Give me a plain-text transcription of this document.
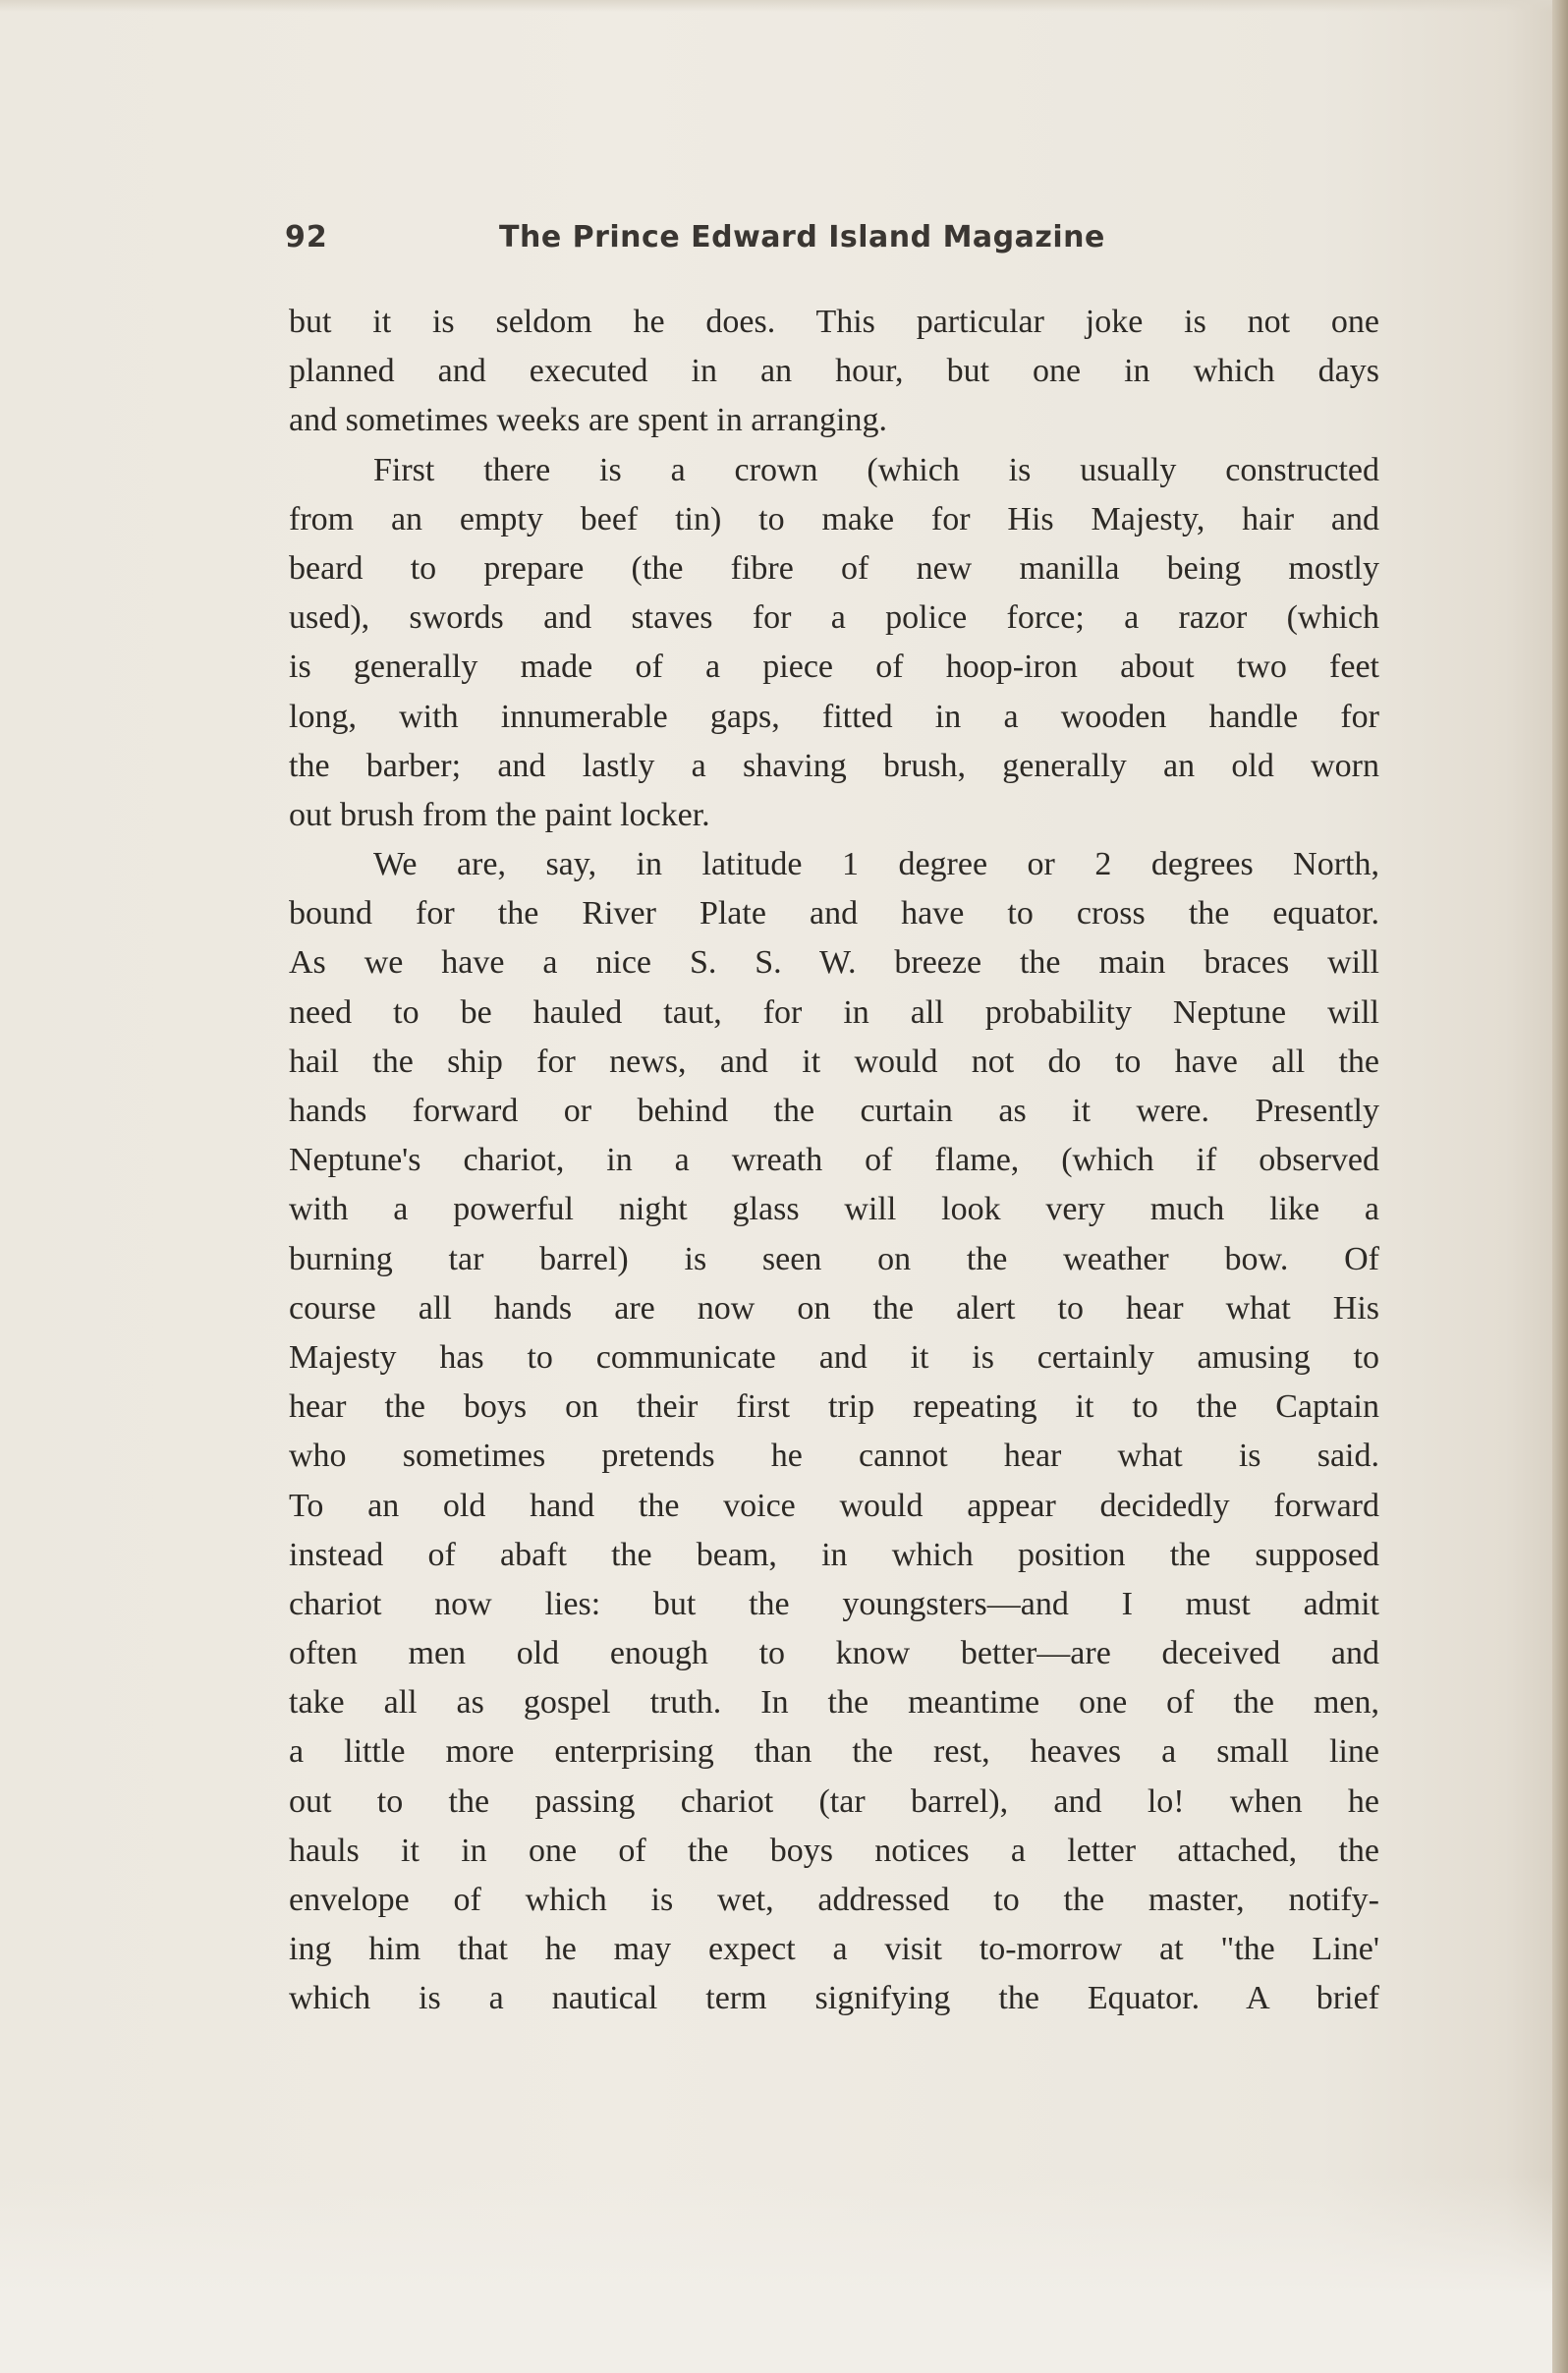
92	The Prince Edward Island Magazine
but it is seldom he does. This particular joke is not one
planned and executed in an hour, but one in which days
and sometimes weeks are spent in arranging.
First there is a crown (which is usually constructed
from an empty beef tin) to make for His Majesty, hair and
beard to prepare (the fibre of new manilla being mostly
used), swords and staves for a police force; a razor (which
is generally made of a piece of hoop-iron about two feet
long, with innumerable gaps, fitted in a wooden handle for
the barber; and lastly a shaving brush, generally an old worn
out brush from the paint locker.
We are, say, in latitude 1 degree or 2 degrees North,
bound for the River Plate and have to cross the equator.
As we have a nice S. S. W. breeze the main braces will
need to be hauled taut, for in all probability Neptune will
hail the ship for news, and it would not do to have all the
hands forward or behind the curtain as it were. Presently
Neptune's chariot, in a wreath of flame, (which if observed
with a powerful night glass will look very much like a
burning tar barrel) is seen on the weather bow. Of
course all hands are now on the alert to hear what His
Majesty has to communicate and it is certainly amusing to
hear the boys on their first trip repeating it to the Captain
who sometimes pretends he cannot hear what is said.
To an old hand the voice would appear decidedly forward
instead of abaft the beam, in which position the supposed
chariot now lies: but the youngsters—and I must admit
often men old enough to know better—are deceived and
take all as gospel truth. In the meantime one of the men,
a little more enterprising than the rest, heaves a small line
out to the passing chariot (tar barrel), and lo! when he
hauls it in one of the boys notices a letter attached, the
envelope of which is wet, addressed to the master, notify-
ing him that he may expect a visit to-morrow at "the Line'
which is a nautical term signifying the Equator. A brief
